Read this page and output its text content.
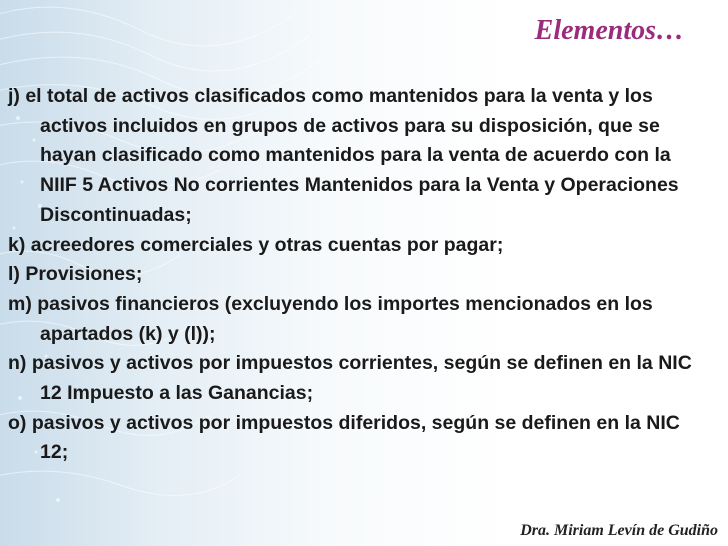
Elementos…
j) el total de activos clasificados como mantenidos para la venta y los activos incluidos en grupos de activos para su disposición, que se hayan clasificado como mantenidos para la venta de acuerdo con la NIIF 5 Activos No corrientes Mantenidos para la Venta y Operaciones Discontinuadas;
k) acreedores comerciales y otras cuentas por pagar;
l) Provisiones;
m) pasivos financieros (excluyendo los importes mencionados en los apartados (k) y (l));
n) pasivos y activos por impuestos corrientes, según se definen en la NIC 12 Impuesto a las Ganancias;
o) pasivos y activos por impuestos diferidos, según se definen en la NIC 12;
Dra. Miriam Levín de Gudiño
